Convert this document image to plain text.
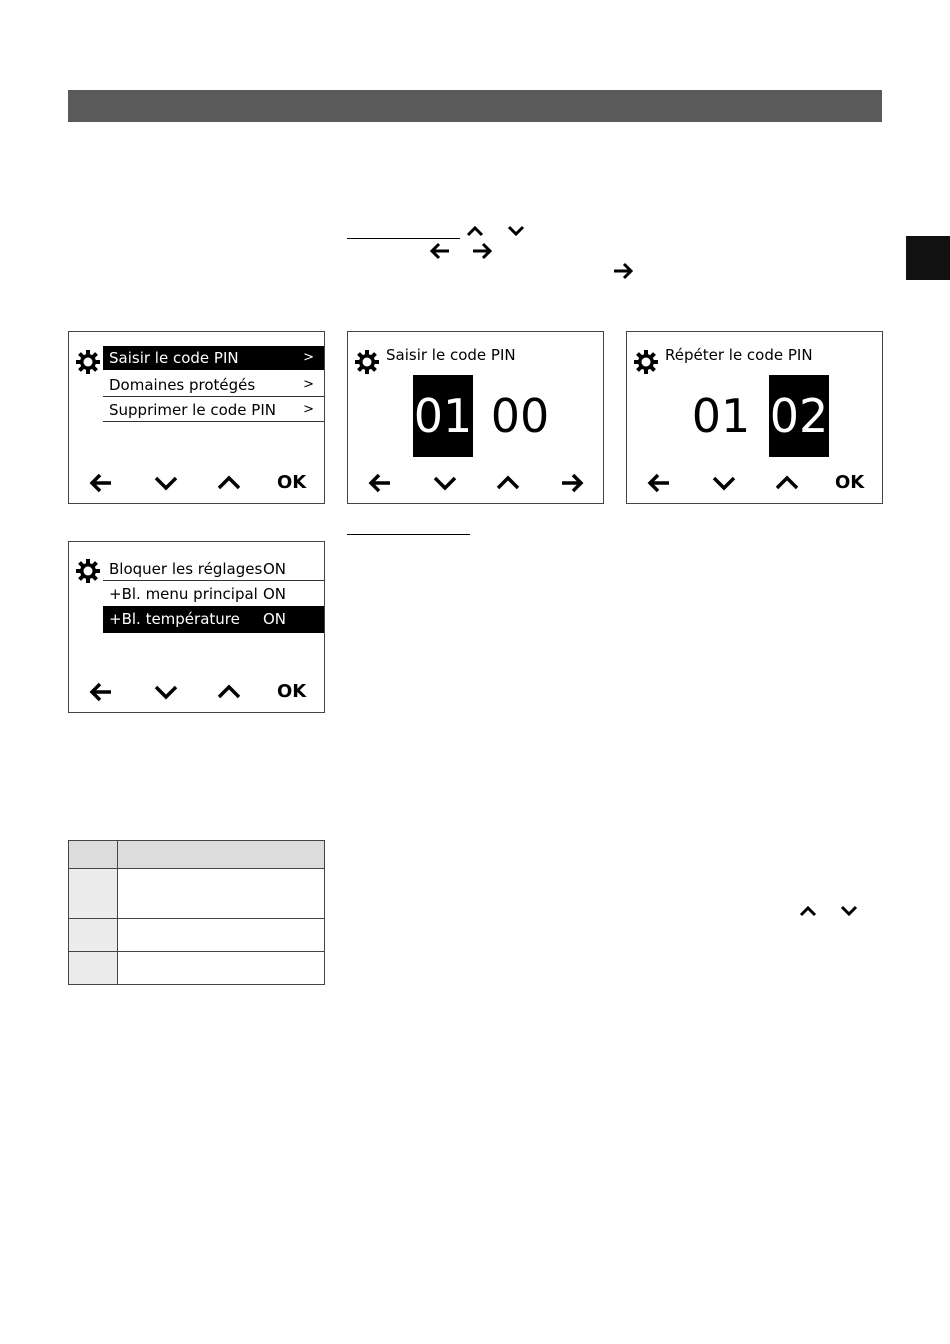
Saisir le code PIN	>
Domaines protégés	>
Supprimer le code PIN >
OK
Saisir le code PIN
01 00
Répéter le code PIN
01 02
OK
Bloquer les réglages ON
+Bl. menu principal ON
+Bl. température ON
OK
